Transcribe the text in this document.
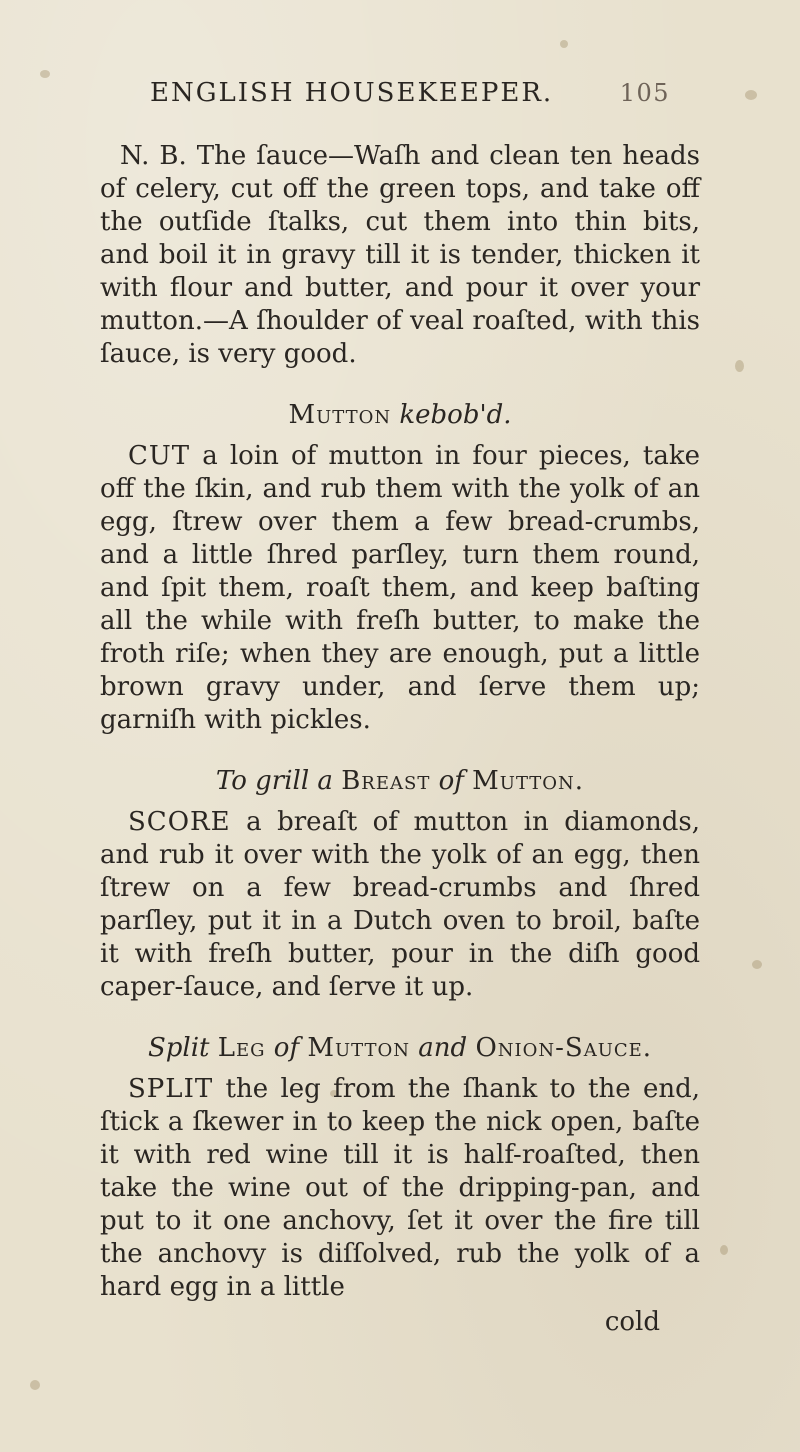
ENGLISH HOUSEKEEPER.	105

N. B. The ſauce—Waſh and clean ten heads of celery, cut off the green tops, and take off the outſide ſtalks, cut them into thin bits, and boil it in gravy till it is tender, thicken it with flour and butter, and pour it over your mutton.—A ſhoulder of veal roaſted, with this ſauce, is very good.

Mutton kebob'd.

CUT a loin of mutton in four pieces, take off the ſkin, and rub them with the yolk of an egg, ſtrew over them a few bread-crumbs, and a little ſhred parſley, turn them round, and ſpit them, roaſt them, and keep baſting all the while with freſh butter, to make the froth riſe; when they are enough, put a little brown gravy under, and ſerve them up; garniſh with pickles.

To grill a Breast of Mutton.

SCORE a breaſt of mutton in diamonds, and rub it over with the yolk of an egg, then ſtrew on a few bread-crumbs and ſhred parſley, put it in a Dutch oven to broil, baſte it with freſh butter, pour in the diſh good caper-ſauce, and ſerve it up.

Split Leg of Mutton and Onion-Sauce.

SPLIT the leg from the ſhank to the end, ſtick a ſkewer in to keep the nick open, baſte it with red wine till it is half-roaſted, then take the wine out of the dripping-pan, and put to it one anchovy, ſet it over the fire till the anchovy is diſſolved, rub the yolk of a hard egg in a little

cold
